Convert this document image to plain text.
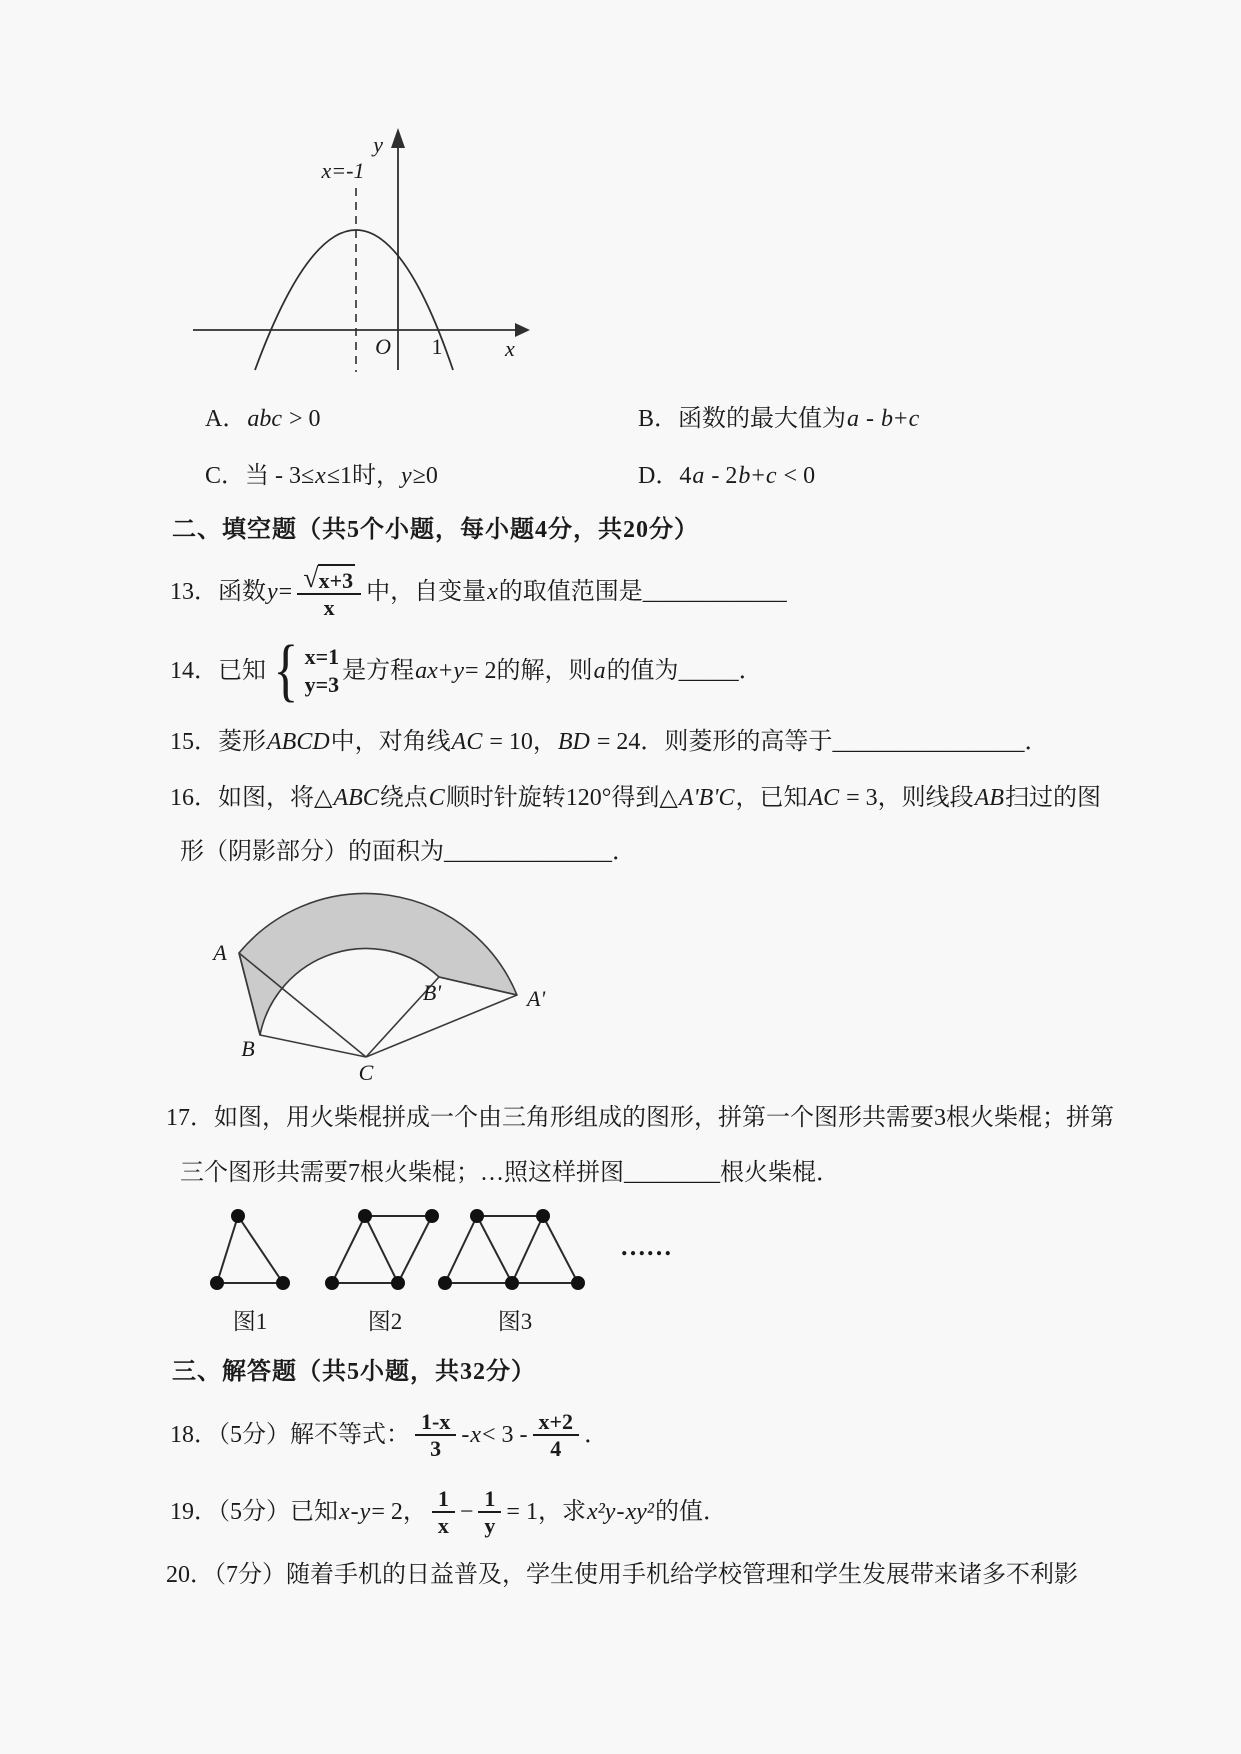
y
x
O 1
x=-1
A．abc > 0	B．函数的最大值为a - b+c
C．当 - 3≤x≤1时，y≥0	D．4a - 2b+c < 0
二、填空题（共5个小题，每小题4分，共20分）
13．函数 $y = \frac{√ x+3}{x}$ 中，自变量 x 的取值范围是 ____________
14．已知 { x=1
y=3
是方程 ax + y = 2的解，则 a 的值为 _____．
15．菱形ABCD中，对角线AC = 10，BD = 24．则菱形的高等于________________．
16．如图，将△ABC绕点C顺时针旋转120°得到△A'B'C，已知AC = 3，则线段AB扫过的图
形（阴影部分）的面积为______________．
A
B
C
B'	A'
17．如图，用火柴棍拼成一个由三角形组成的图形，拼第一个图形共需要3根火柴棍；拼第
三个图形共需要7根火柴棍；…照这样拼图________根火柴棍．
图1	图2	图3
……
三、解答题（共5小题，共32分）
18．（5分）解不等式： $\frac{1-x}{3} - x < 3 - \frac{x+2}{4}$ ．
19．（5分）已知 x - y = 2， $\frac{1}{x} - \frac{1}{y} = 1$，求 x²y - xy² 的值．
20．（7分）随着手机的日益普及，学生使用手机给学校管理和学生发展带来诸多不利影
